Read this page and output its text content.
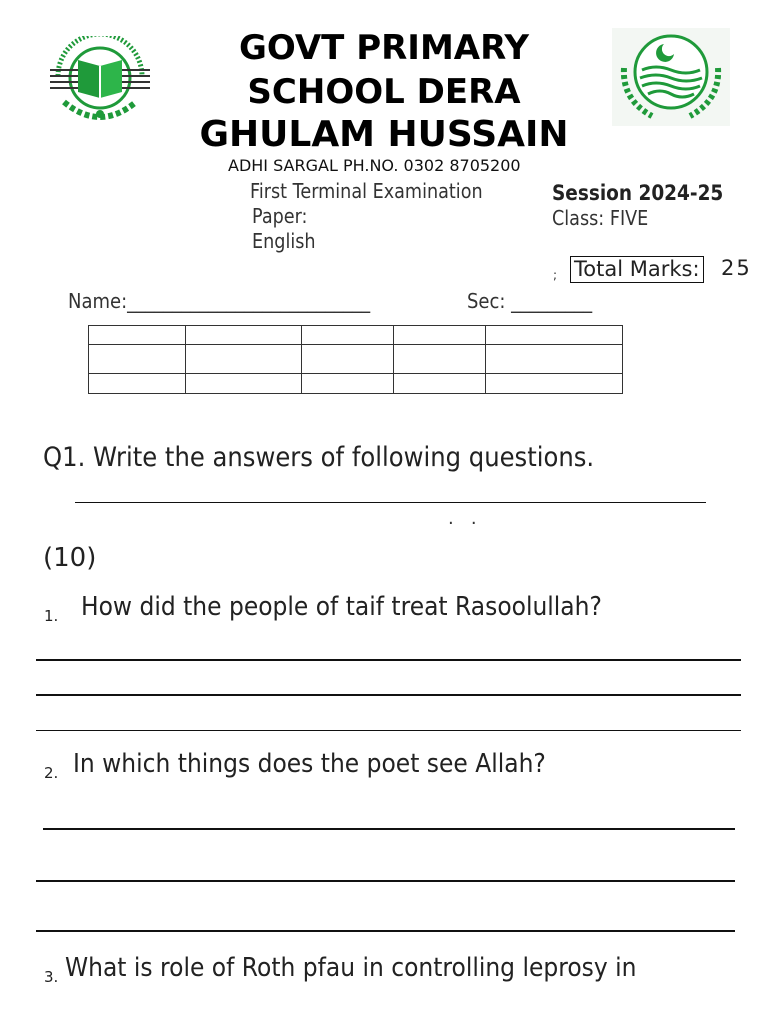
GOVT PRIMARY
SCHOOL DERA
GHULAM HUSSAIN
ADHI SARGAL PH.NO. 0302 8705200
First Terminal Examination
Paper:
English
Session 2024-25
Class: FIVE
; Total Marks: 25
Name:___________________________	Sec: _________

Q1. Write the answers of following questions.
.   .
(10)
1. How did the people of taif treat Rasoolullah?
2. In which things does the poet see Allah?
3. What is role of Roth pfau in controlling leprosy in
